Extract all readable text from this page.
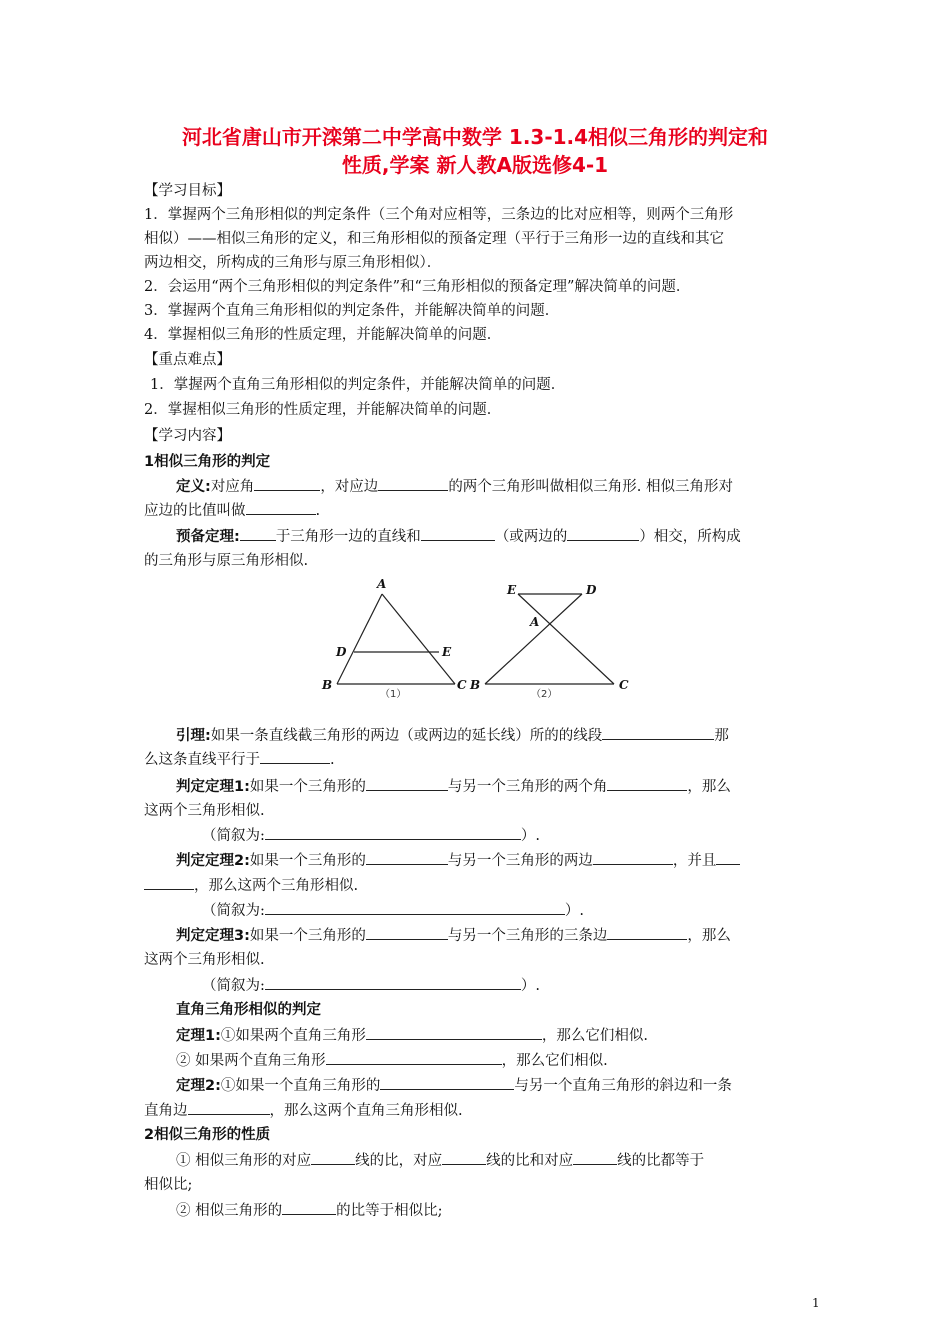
河北省唐山市开滦第二中学高中数学 1.3-1.4相似三角形的判定和
性质,学案 新人教A版选修4-1
【学习目标】
1．掌握两个三角形相似的判定条件（三个角对应相等，三条边的比对应相等，则两个三角形
相似）——相似三角形的定义，和三角形相似的预备定理（平行于三角形一边的直线和其它
两边相交，所构成的三角形与原三角形相似）．
2．会运用“两个三角形相似的判定条件”和“三角形相似的预备定理”解决简单的问题．
3．掌握两个直角三角形相似的判定条件，并能解决简单的问题．
4．掌握相似三角形的性质定理，并能解决简单的问题．
【重点难点】
1．掌握两个直角三角形相似的判定条件，并能解决简单的问题．
2．掌握相似三角形的性质定理，并能解决简单的问题．
【学习内容】
1相似三角形的判定
定义:对应角	，对应边	的两个三角形叫做相似三角形. 相似三角形对
应边的比值叫做	.
预备定理: 于三角形一边的直线和	（或两边的	）相交，所构成
的三角形与原三角形相似.
A
D	E
B	C
E	D
A
B	C
（1）	（2）
引理:如果一条直线截三角形的两边（或两边的延长线）所的的线段	那
么这条直线平行于	.
判定定理1:如果一个三角形的	与另一个三角形的两个角	，那么
这两个三角形相似.
（简叙为:	）.
判定定理2:如果一个三角形的	与另一个三角形的两边	，并且
，那么这两个三角形相似.
（简叙为:	）.
判定定理3:如果一个三角形的	与另一个三角形的三条边	，那么
这两个三角形相似.
（简叙为:	）.
直角三角形相似的判定
定理1:①如果两个直角三角形	，那么它们相似.
② 如果两个直角三角形	，那么它们相似.
定理2:①如果一个直角三角形的	与另一个直角三角形的斜边和一条
直角边	，那么这两个直角三角形相似.
2相似三角形的性质
① 相似三角形的对应	线的比，对应	线的比和对应	线的比都等于
相似比;
② 相似三角形的	的比等于相似比;
1
